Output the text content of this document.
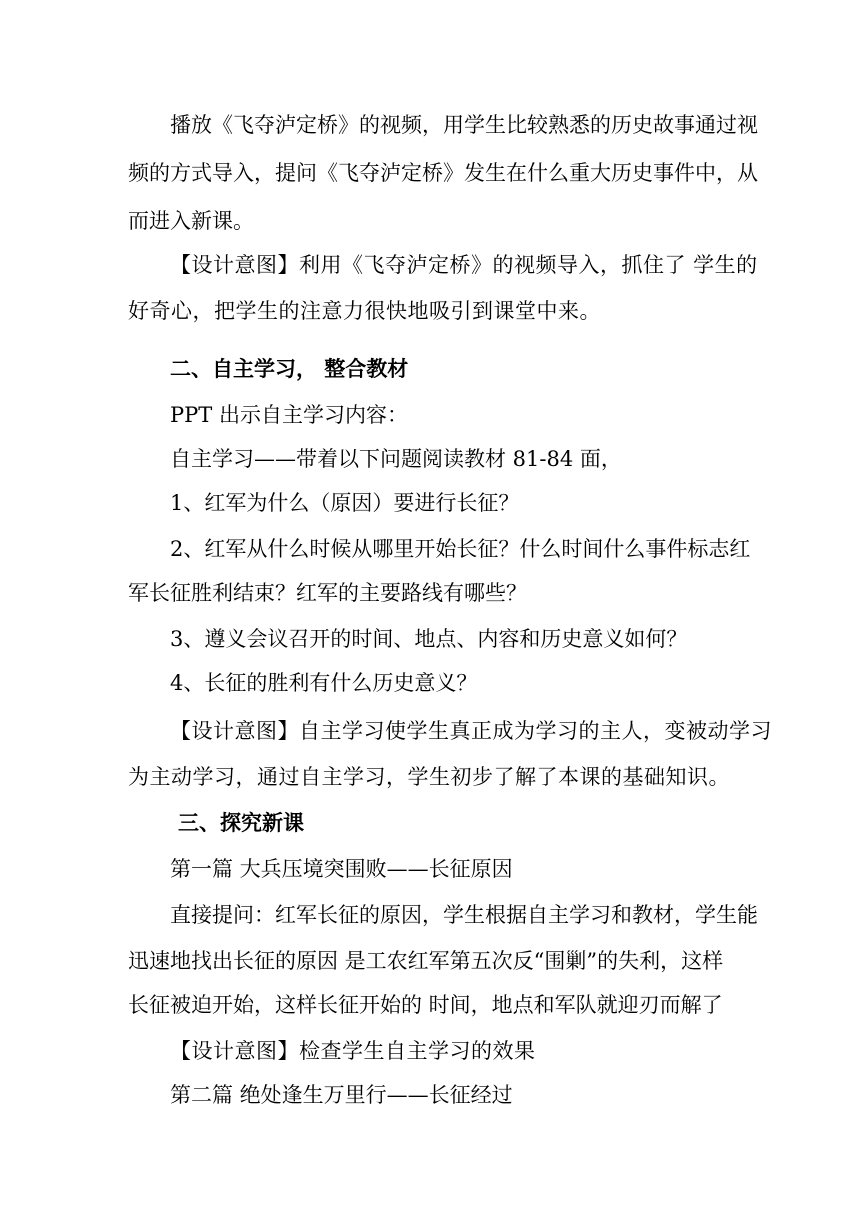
播放《飞夺泸定桥》的视频，用学生比较熟悉的历史故事通过视
频的方式导入，提问《飞夺泸定桥》发生在什么重大历史事件中，从
而进入新课。
【设计意图】利用《飞夺泸定桥》的视频导入，抓住了 学生的
好奇心，把学生的注意力很快地吸引到课堂中来。
二、自主学习， 整合教材
PPT 出示自主学习内容：
自主学习——带着以下问题阅读教材 81-84 面，
1、红军为什么（原因）要进行长征？
2、红军从什么时候从哪里开始长征？什么时间什么事件标志红
军长征胜利结束？红军的主要路线有哪些？
3、遵义会议召开的时间、地点、内容和历史意义如何？
4、长征的胜利有什么历史意义？
【设计意图】自主学习使学生真正成为学习的主人，变被动学习
为主动学习，通过自主学习，学生初步了解了本课的基础知识。
三、探究新课
第一篇 大兵压境突围败——长征原因
直接提问：红军长征的原因，学生根据自主学习和教材，学生能
迅速地找出长征的原因 是工农红军第五次反“围剿”的失利，这样
长征被迫开始，这样长征开始的 时间，地点和军队就迎刃而解了
【设计意图】检查学生自主学习的效果
第二篇 绝处逢生万里行——长征经过
